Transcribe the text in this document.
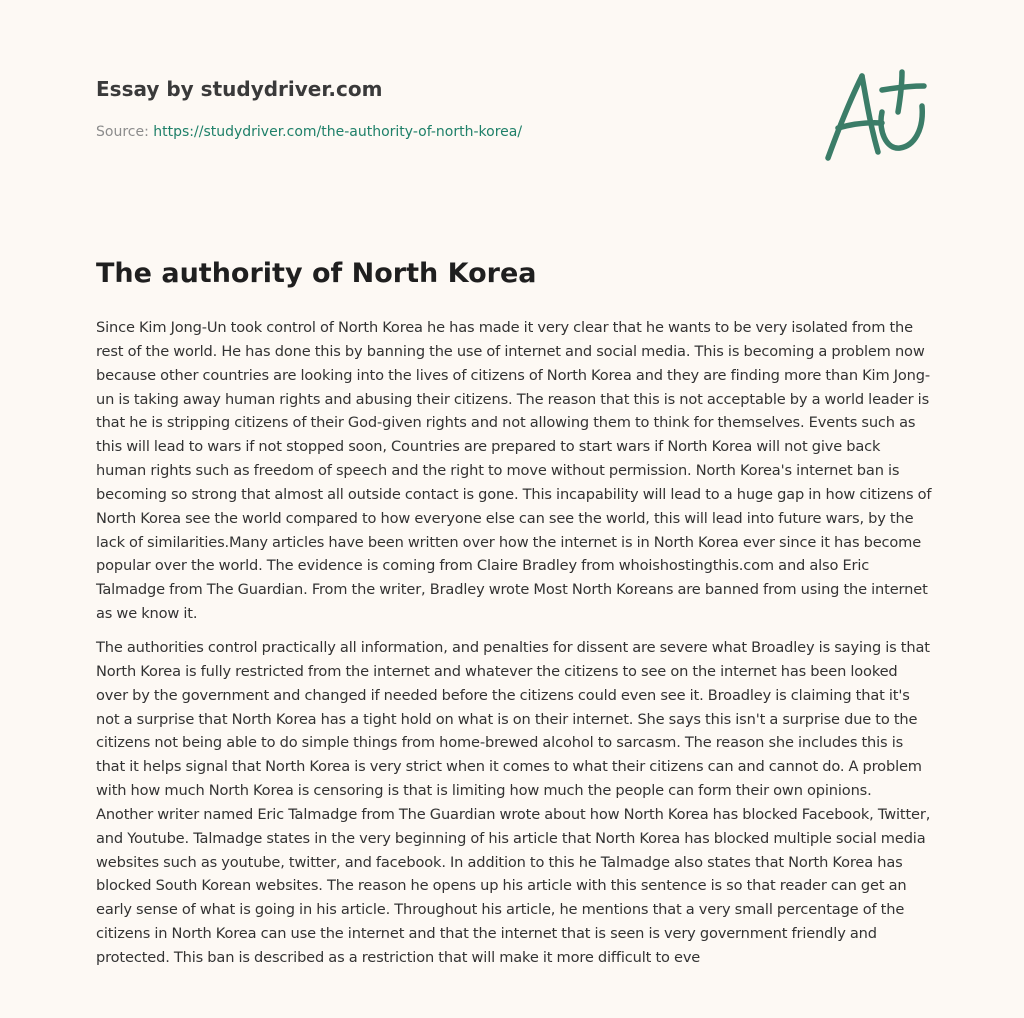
Essay by studydriver.com
Source: https://studydriver.com/the-authority-of-north-korea/
The authority of North Korea

Since Kim Jong-Un took control of North Korea he has made it very clear that he wants to be very isolated from the rest of the world. He has done this by banning the use of internet and social media. This is becoming a problem now because other countries are looking into the lives of citizens of North Korea and they are finding more than Kim Jong-un is taking away human rights and abusing their citizens. The reason that this is not acceptable by a world leader is that he is stripping citizens of their God-given rights and not allowing them to think for themselves. Events such as this will lead to wars if not stopped soon, Countries are prepared to start wars if North Korea will not give back human rights such as freedom of speech and the right to move without permission. North Korea's internet ban is becoming so strong that almost all outside contact is gone. This incapability will lead to a huge gap in how citizens of North Korea see the world compared to how everyone else can see the world, this will lead into future wars, by the lack of similarities.Many articles have been written over how the internet is in North Korea ever since it has become popular over the world. The evidence is coming from Claire Bradley from whoishostingthis.com and also Eric Talmadge from The Guardian. From the writer, Bradley wrote Most North Koreans are banned from using the internet as we know it.

The authorities control practically all information, and penalties for dissent are severe what Broadley is saying is that North Korea is fully restricted from the internet and whatever the citizens to see on the internet has been looked over by the government and changed if needed before the citizens could even see it. Broadley is claiming that it's not a surprise that North Korea has a tight hold on what is on their internet. She says this isn't a surprise due to the citizens not being able to do simple things from home-brewed alcohol to sarcasm. The reason she includes this is that it helps signal that North Korea is very strict when it comes to what their citizens can and cannot do. A problem with how much North Korea is censoring is that is limiting how much the people can form their own opinions. Another writer named Eric Talmadge from The Guardian wrote about how North Korea has blocked Facebook, Twitter, and Youtube. Talmadge states in the very beginning of his article that North Korea has blocked multiple social media websites such as youtube, twitter, and facebook. In addition to this he Talmadge also states that North Korea has blocked South Korean websites. The reason he opens up his article with this sentence is so that reader can get an early sense of what is going in his article. Throughout his article, he mentions that a very small percentage of the citizens in North Korea can use the internet and that the internet that is seen is very government friendly and protected. This ban is described as a restriction that will make it more difficult to eve
